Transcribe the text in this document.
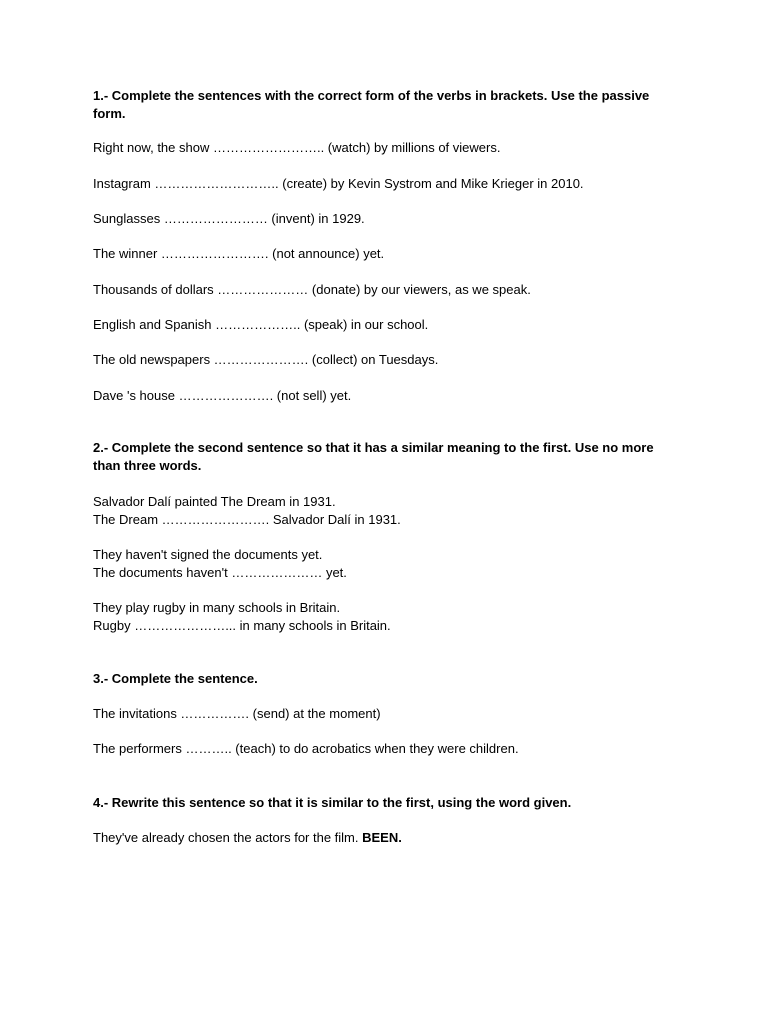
1.- Complete the sentences with the correct form of the verbs in brackets. Use the passive form.
Right now, the show …………………….. (watch) by millions of viewers.
Instagram ……………………….. (create) by Kevin Systrom and Mike Krieger in 2010.
Sunglasses …………………… (invent) in 1929.
The winner ……………………. (not announce) yet.
Thousands of dollars ………………… (donate) by our viewers, as we speak.
English and Spanish ……………….. (speak) in our school.
The old newspapers …………………. (collect) on Tuesdays.
Dave 's house …………………. (not sell) yet.
2.- Complete the second sentence so that it has a similar meaning to the first. Use no more than three words.
Salvador Dalí painted The Dream in 1931.
The Dream ……………………. Salvador Dalí in 1931.
They haven't signed the documents yet.
The documents haven't ………………… yet.
They play rugby in many schools in Britain.
Rugby …………………... in many schools in Britain.
3.- Complete the sentence.
The invitations ……………. (send) at the moment)
The performers ……….. (teach) to do acrobatics when they were children.
4.- Rewrite this sentence so that it is similar to the first, using the word given.
They've already chosen the actors for the film. BEEN.
